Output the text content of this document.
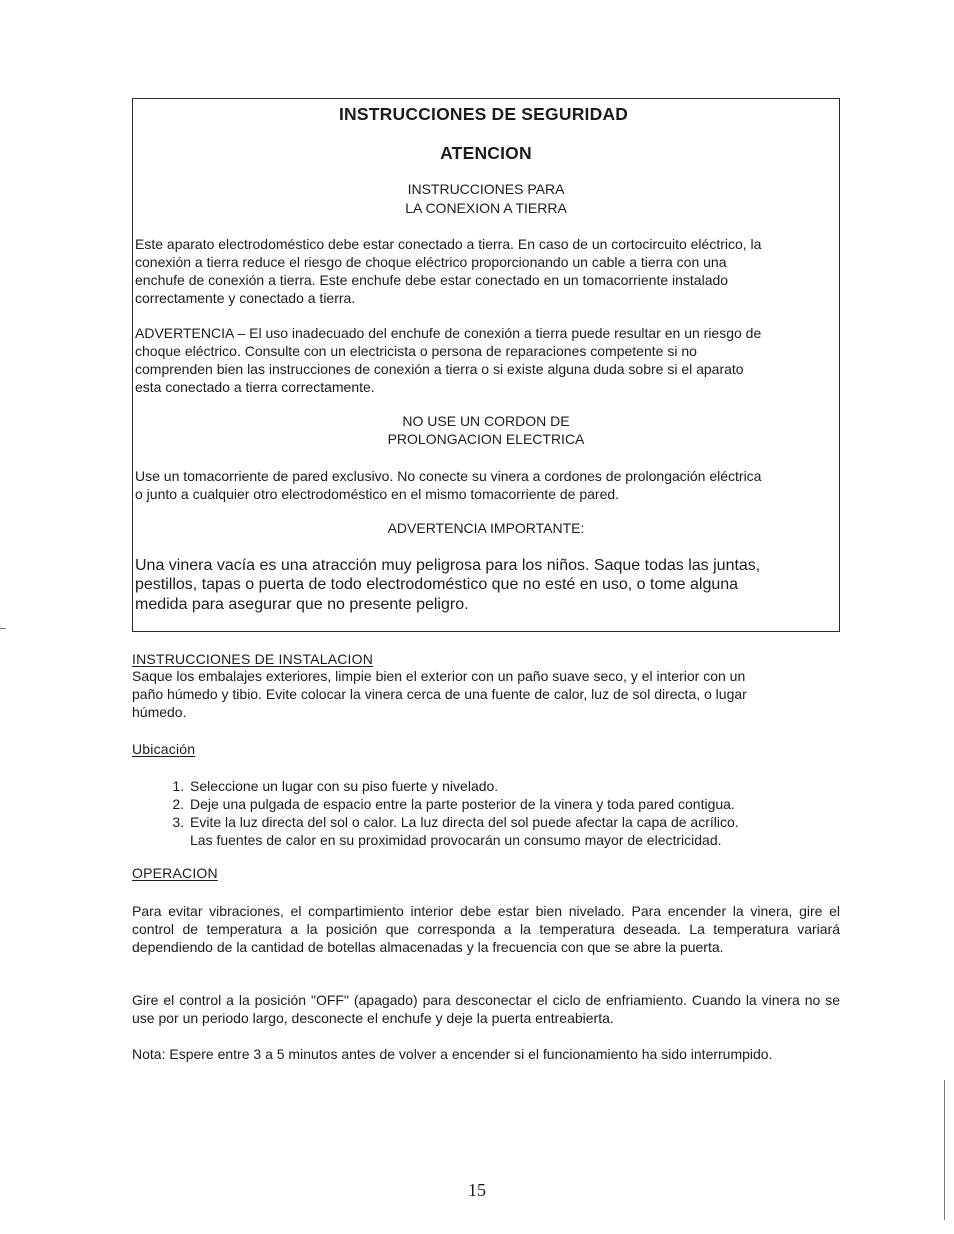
INSTRUCCIONES DE SEGURIDAD
ATENCION
INSTRUCCIONES PARA
LA CONEXION A TIERRA
Este aparato electrodoméstico debe estar conectado a tierra. En caso de un cortocircuito eléctrico, la
conexión a tierra reduce el riesgo de choque eléctrico proporcionando un cable a tierra con una
enchufe de conexión a tierra. Este enchufe debe estar conectado en un tomacorriente instalado
correctamente y conectado a tierra.
ADVERTENCIA – El uso inadecuado del enchufe de conexión a tierra puede resultar en un riesgo de
choque eléctrico. Consulte con un electricista o persona de reparaciones competente si no
comprenden bien las instrucciones de conexión a tierra o si existe alguna duda sobre si el aparato
esta conectado a tierra correctamente.
NO USE UN CORDON DE
PROLONGACION ELECTRICA
Use un tomacorriente de pared exclusivo. No conecte su vinera a cordones de prolongación eléctrica
o junto a cualquier otro electrodoméstico en el mismo tomacorriente de pared.
ADVERTENCIA IMPORTANTE:
Una vinera vacía es una atracción muy peligrosa para los niños. Saque todas las juntas,
pestillos, tapas o puerta de todo electrodoméstico que no esté en uso, o tome alguna
medida para asegurar que no presente peligro.
INSTRUCCIONES DE INSTALACION
Saque los embalajes exteriores, limpie bien el exterior con un paño suave seco, y el interior con un
paño húmedo y tibio. Evite colocar la vinera cerca de una fuente de calor, luz de sol directa, o lugar
húmedo.
Ubicación
1. Seleccione un lugar con su piso fuerte y nivelado.
2. Deje una pulgada de espacio entre la parte posterior de la vinera y toda pared contigua.
3. Evite la luz directa del sol o calor. La luz directa del sol puede afectar la capa de acrílico.
Las fuentes de calor en su proximidad provocarán un consumo mayor de electricidad.
OPERACION
Para evitar vibraciones, el compartimiento interior debe estar bien nivelado. Para encender la vinera, gire el control de temperatura a la posición que corresponda a la temperatura deseada. La temperatura variará dependiendo de la cantidad de botellas almacenadas y la frecuencia con que se abre la puerta.
Gire el control a la posición "OFF" (apagado) para desconectar el ciclo de enfriamiento. Cuando la vinera no se use por un periodo largo, desconecte el enchufe y deje la puerta entreabierta.
Nota: Espere entre 3 a 5 minutos antes de volver a encender si el funcionamiento ha sido interrumpido.
15
